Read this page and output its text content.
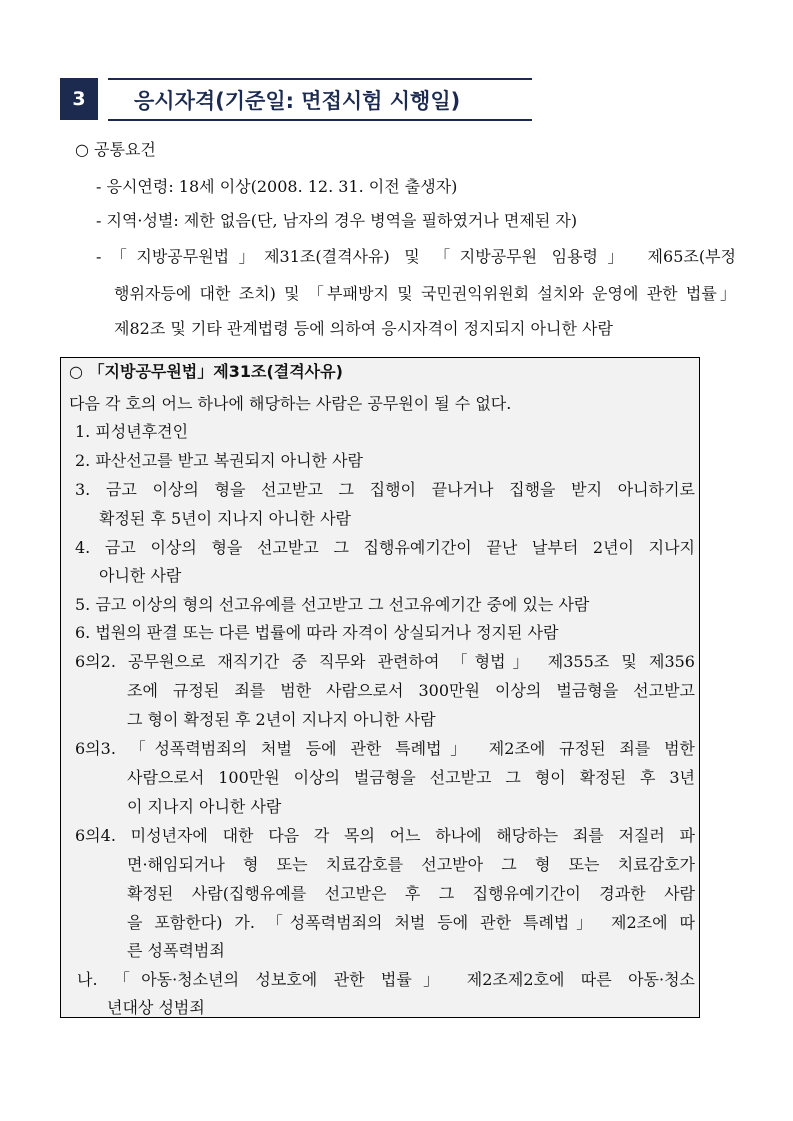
3	응시자격(기준일: 면접시험 시행일)
○ 공통요건
- 응시연령: 18세 이상(2008. 12. 31. 이전 출생자)
- 지역·성별: 제한 없음(단, 남자의 경우 병역을 필하였거나 면제된 자)
-「지방공무원법」제31조(결격사유) 및 「지방공무원 임용령」 제65조(부정
행위자등에 대한 조치) 및 「부패방지 및 국민권익위원회 설치와 운영에 관한 법률」
제82조 및 기타 관계법령 등에 의하여 응시자격이 정지되지 아니한 사람
○ 「지방공무원법」제31조(결격사유)
다음 각 호의 어느 하나에 해당하는 사람은 공무원이 될 수 없다.
1. 피성년후견인
2. 파산선고를 받고 복권되지 아니한 사람
3. 금고 이상의 형을 선고받고 그 집행이 끝나거나 집행을 받지 아니하기로
확정된 후 5년이 지나지 아니한 사람
4. 금고 이상의 형을 선고받고 그 집행유예기간이 끝난 날부터 2년이 지나지
아니한 사람
5. 금고 이상의 형의 선고유예를 선고받고 그 선고유예기간 중에 있는 사람
6. 법원의 판결 또는 다른 법률에 따라 자격이 상실되거나 정지된 사람
6의2. 공무원으로 재직기간 중 직무와 관련하여 「형법」 제355조 및 제356
조에 규정된 죄를 범한 사람으로서 300만원 이상의 벌금형을 선고받고
그 형이 확정된 후 2년이 지나지 아니한 사람
6의3. 「성폭력범죄의 처벌 등에 관한 특례법」 제2조에 규정된 죄를 범한
사람으로서 100만원 이상의 벌금형을 선고받고 그 형이 확정된 후 3년
이 지나지 아니한 사람
6의4. 미성년자에 대한 다음 각 목의 어느 하나에 해당하는 죄를 저질러 파
면·해임되거나 형 또는 치료감호를 선고받아 그 형 또는 치료감호가
확정된 사람(집행유예를 선고받은 후 그 집행유예기간이 경과한 사람
을 포함한다) 가. 「성폭력범죄의 처벌 등에 관한 특례법」 제2조에 따
른 성폭력범죄
나. 「아동·청소년의 성보호에 관한 법률」 제2조제2호에 따른 아동·청소
년대상 성범죄
